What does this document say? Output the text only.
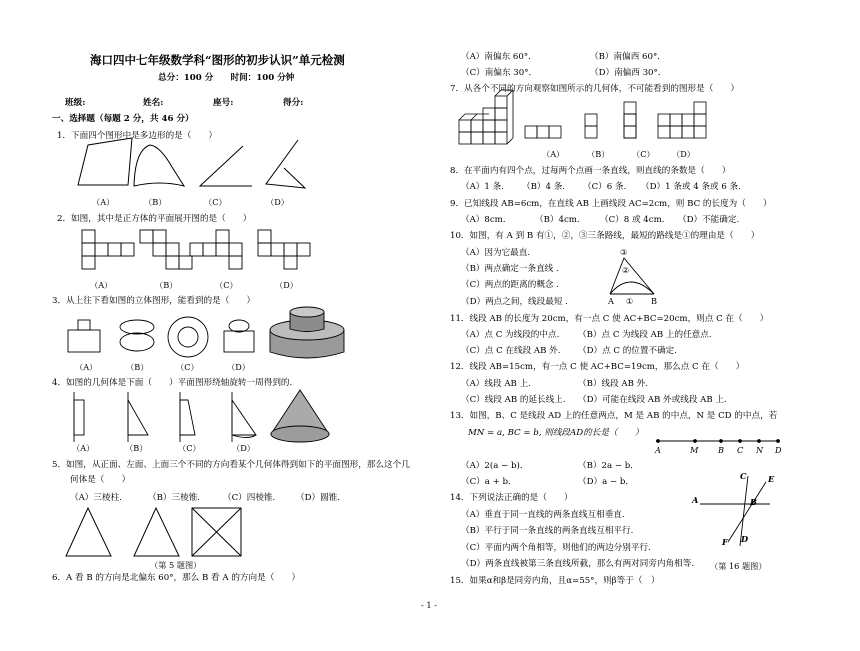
海口四中七年级数学科“图形的初步认识”单元检测
总分：100 分　　时间：100 分钟
班级:	姓名:	座号:	得分:
一、选择题（每题 2 分，共 46 分）
1．下面四个图形中是多边形的是（　　）
（A）	（B）	（C）	（D）
2．如图，其中是正方体的平面展开图的是（　　）
（A）	（B）	（C）	（D）
3．从上往下看如图的立体图形，能看到的是（　　）
（A）	（B）	（C）	（D）
4．如图的几何体是下面（　　）平面图形绕轴旋转一周得到的.
（A）	（B）	（C）	（D）
5．如图，从正面、左面、上面三个不同的方向看某个几何体得到如下的平面图形，那么这个几
何体是（　　）
（A）三棱柱.	（B）三棱锥.	（C）四棱锥. （D）圆锥.
（第 5 题图）
6．A 看 B 的方向是北偏东 60°，那么 B 看 A 的方向是（　　）
（A）南偏东 60°．	（B）南偏西 60°．
（C）南偏东 30°．	（D）南偏西 30°．
7．从各个不同的方向观察如图所示的几何体，不可能看到的图形是（　　）
（A）	（B）	（C） （D）
8．在平面内有四个点，过每两个点画一条直线，则直线的条数是（　　）
（A）1 条. （B）4 条. （C）6 条. （D）1 条或 4 条或 6 条.
9．已知线段 AB=6cm，在直线 AB 上画线段 AC=2cm，则 BC 的长度为（　　）
（A）8cm.	（B）4cm. （C）8 或 4cm. （D）不能确定.
10．如图，有 A 到 B 有①，②，③三条路线，最短的路线是①的理由是（　　）
（A）因为它最直.
（B）两点确定一条直线 .
（C）两点的距离的概念 .
（D）两点之间，线段最短 .
③
②
A ① B
11．线段 AB 的长度为 20cm，有一点 C 使 AC+BC=20cm，则点 C 在（　　）
（A）点 C 为线段的中点. （B）点 C 为线段 AB 上的任意点.
（C）点 C 在线段 AB 外. （D）点 C 的位置不确定.
12．线段 AB=15cm，有一点 C 使 AC+BC=19cm，那么点 C 在（　　）
（A）线段 AB 上.	（B）线段 AB 外.
（C）线段 AB 的延长线上. （D）可能在线段 AB 外或线段 AB 上.
13．如图，B、C 是线段 AD 上的任意两点，M 是 AB 的中点，N 是 CD 的中点，若
MN = a, BC = b, 则线段AD的长是（　　）
A	M B C N D
（A）2(a − b)．	（B）2a − b．
（C）a + b．	（D）a − b．
14．下列说法正确的是（　　）
（A）垂直于同一直线的两条直线互相垂直.
（B）平行于同一条直线的两条直线互相平行.
（C）平面内两个角相等，则他们的两边分别平行.
（D）两条直线被第三条直线所截，那么有两对同旁内角相等.
C	E
A	B
F D
（第 16 题图）
15．如果α和β是同旁内角，且α=55°，则β等于（　）
- 1 -
